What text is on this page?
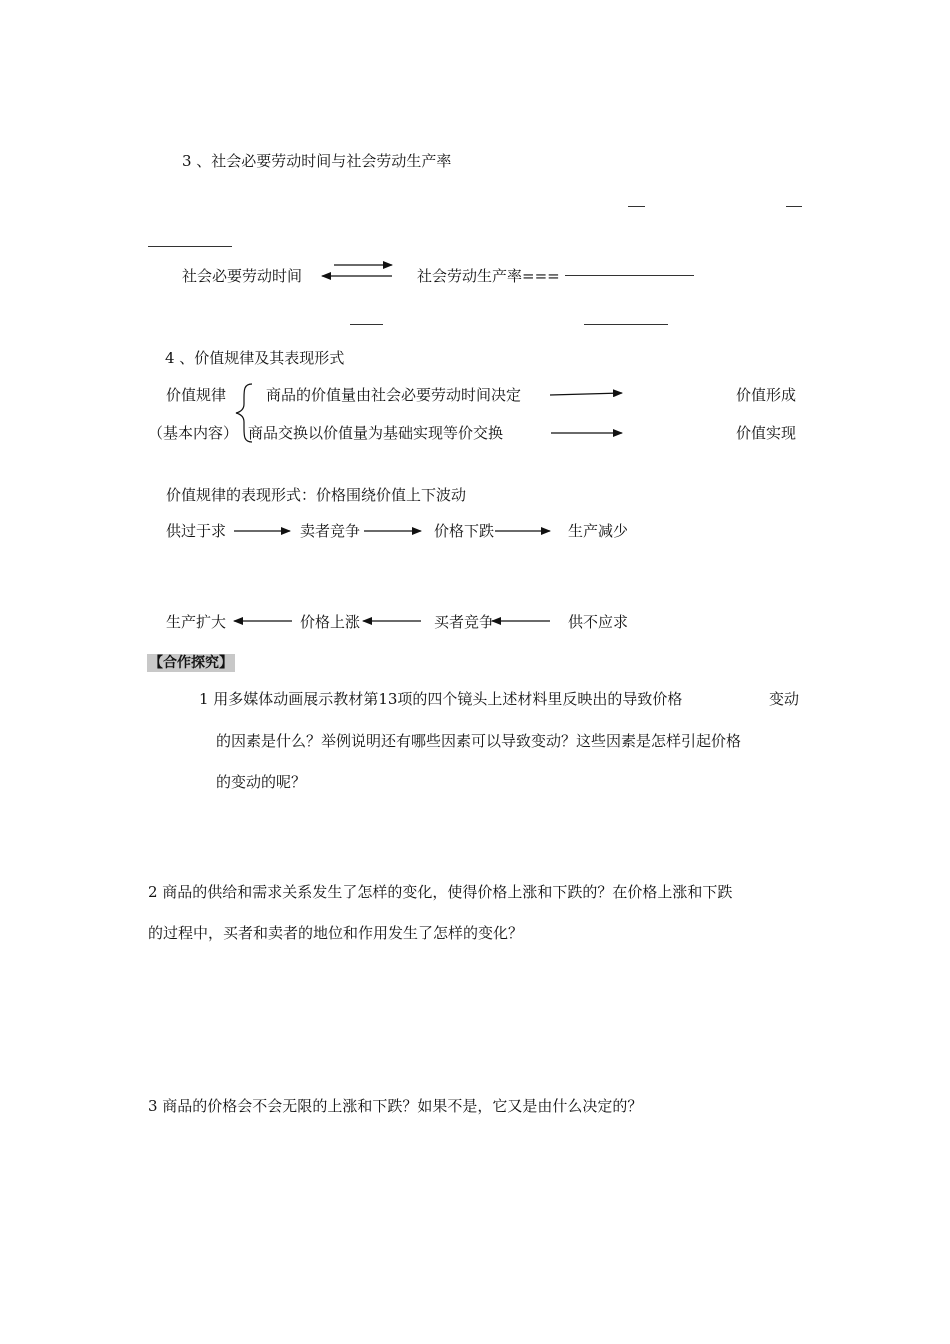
3 、社会必要劳动时间与社会劳动生产率
社会必要劳动时间	社会劳动生产率===
4 、价值规律及其表现形式
价值规律
（基本内容）
商品的价值量由社会必要劳动时间决定
商品交换以价值量为基础实现等价交换
价值形成
价值实现
价值规律的表现形式：价格围绕价值上下波动
供过于求	卖者竞争	价格下跌	生产减少
生产扩大	价格上涨	买者竞争	供不应求
【合作探究】
1 用多媒体动画展示教材第13项的四个镜头上述材料里反映出的导致价格	变动
的因素是什么？举例说明还有哪些因素可以导致变动？这些因素是怎样引起价格
的变动的呢？
2 商品的供给和需求关系发生了怎样的变化，使得价格上涨和下跌的？在价格上涨和下跌
的过程中，买者和卖者的地位和作用发生了怎样的变化？
3 商品的价格会不会无限的上涨和下跌？如果不是，它又是由什么决定的？
